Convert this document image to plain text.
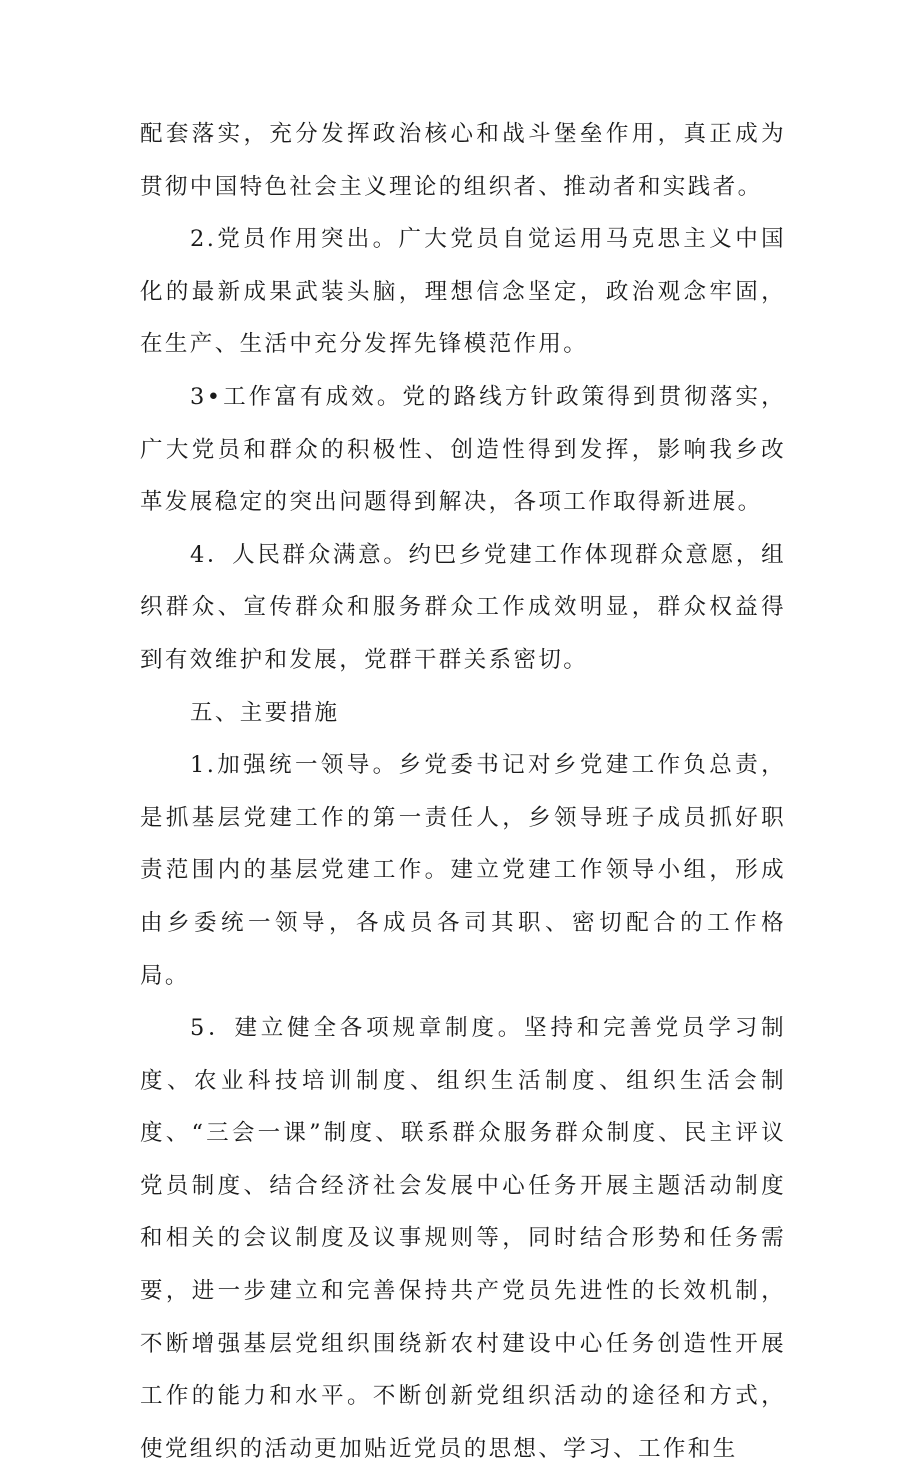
配套落实，充分发挥政治核心和战斗堡垒作用，真正成为贯彻中国特色社会主义理论的组织者、推动者和实践者。

2.党员作用突出。广大党员自觉运用马克思主义中国化的最新成果武装头脑，理想信念坚定，政治观念牢固，在生产、生活中充分发挥先锋模范作用。

3•工作富有成效。党的路线方针政策得到贯彻落实，广大党员和群众的积极性、创造性得到发挥，影响我乡改革发展稳定的突出问题得到解决，各项工作取得新进展。

4．人民群众满意。约巴乡党建工作体现群众意愿，组织群众、宣传群众和服务群众工作成效明显，群众权益得到有效维护和发展，党群干群关系密切。

五、主要措施

1.加强统一领导。乡党委书记对乡党建工作负总责，是抓基层党建工作的第一责任人，乡领导班子成员抓好职责范围内的基层党建工作。建立党建工作领导小组，形成由乡委统一领导，各成员各司其职、密切配合的工作格局。

5．建立健全各项规章制度。坚持和完善党员学习制度、农业科技培训制度、组织生活制度、组织生活会制度、“三会一课”制度、联系群众服务群众制度、民主评议党员制度、结合经济社会发展中心任务开展主题活动制度和相关的会议制度及议事规则等，同时结合形势和任务需要，进一步建立和完善保持共产党员先进性的长效机制，不断增强基层党组织围绕新农村建设中心任务创造性开展工作的能力和水平。不断创新党组织活动的途径和方式，使党组织的活动更加贴近党员的思想、学习、工作和生
